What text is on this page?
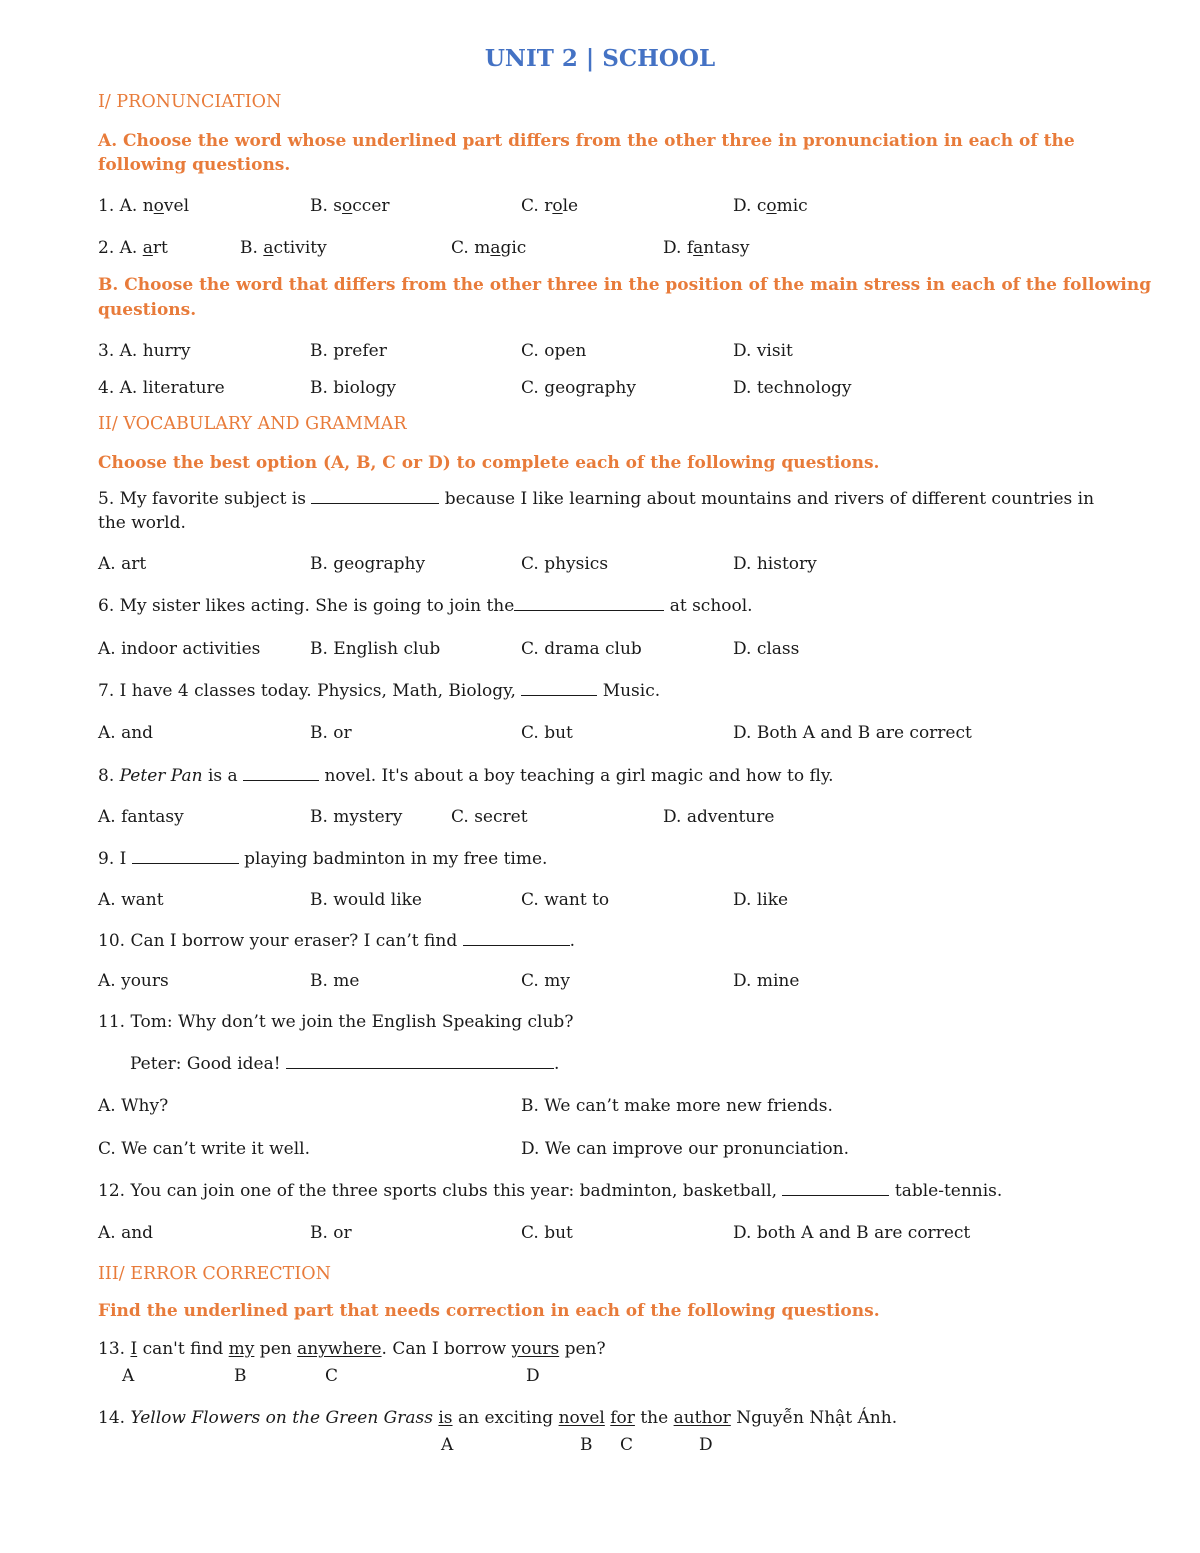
UNIT 2 | SCHOOL
I/ PRONUNCIATION
A. Choose the word whose underlined part differs from the other three in pronunciation in each of the
following questions.
1. A. novel	B. soccer	C. role	D. comic
2. A. art	B. activity	C. magic	D. fantasy
B. Choose the word that differs from the other three in the position of the main stress in each of the following
questions.
3. A. hurry	B. prefer	C. open	D. visit
4. A. literature	B. biology	C. geography	D. technology
II/ VOCABULARY AND GRAMMAR
Choose the best option (A, B, C or D) to complete each of the following questions.
5. My favorite subject is	because I like learning about mountains and rivers of different countries in
the world.
A. art	B. geography	C. physics	D. history
6. My sister likes acting. She is going to join the	at school.
A. indoor activities	B. English club	C. drama club	D. class
7. I have 4 classes today. Physics, Math, Biology,	Music.
A. and	B. or	C. but	D. Both A and B are correct
8. Peter Pan is a	novel. It's about a boy teaching a girl magic and how to fly.
A. fantasy	B. mystery	C. secret	D. adventure
9. I	playing badminton in my free time.
A. want	B. would like	C. want to	D. like
10. Can I borrow your eraser? I can’t find	.
A. yours	B. me	C. my	D. mine
11. Tom: Why don’t we join the English Speaking club?
Peter: Good idea!	.
A. Why?	B. We can’t make more new friends.
C. We can’t write it well.	D. We can improve our pronunciation.
12. You can join one of the three sports clubs this year: badminton, basketball,	table-tennis.
A. and	B. or	C. but	D. both A and B are correct
III/ ERROR CORRECTION
Find the underlined part that needs correction in each of the following questions.
13. I can't find my pen anywhere. Can I borrow yours pen?
A	B	C	D
14. Yellow Flowers on the Green Grass is an exciting novel for the author Nguyễn Nhật Ánh.
A	B C	D
